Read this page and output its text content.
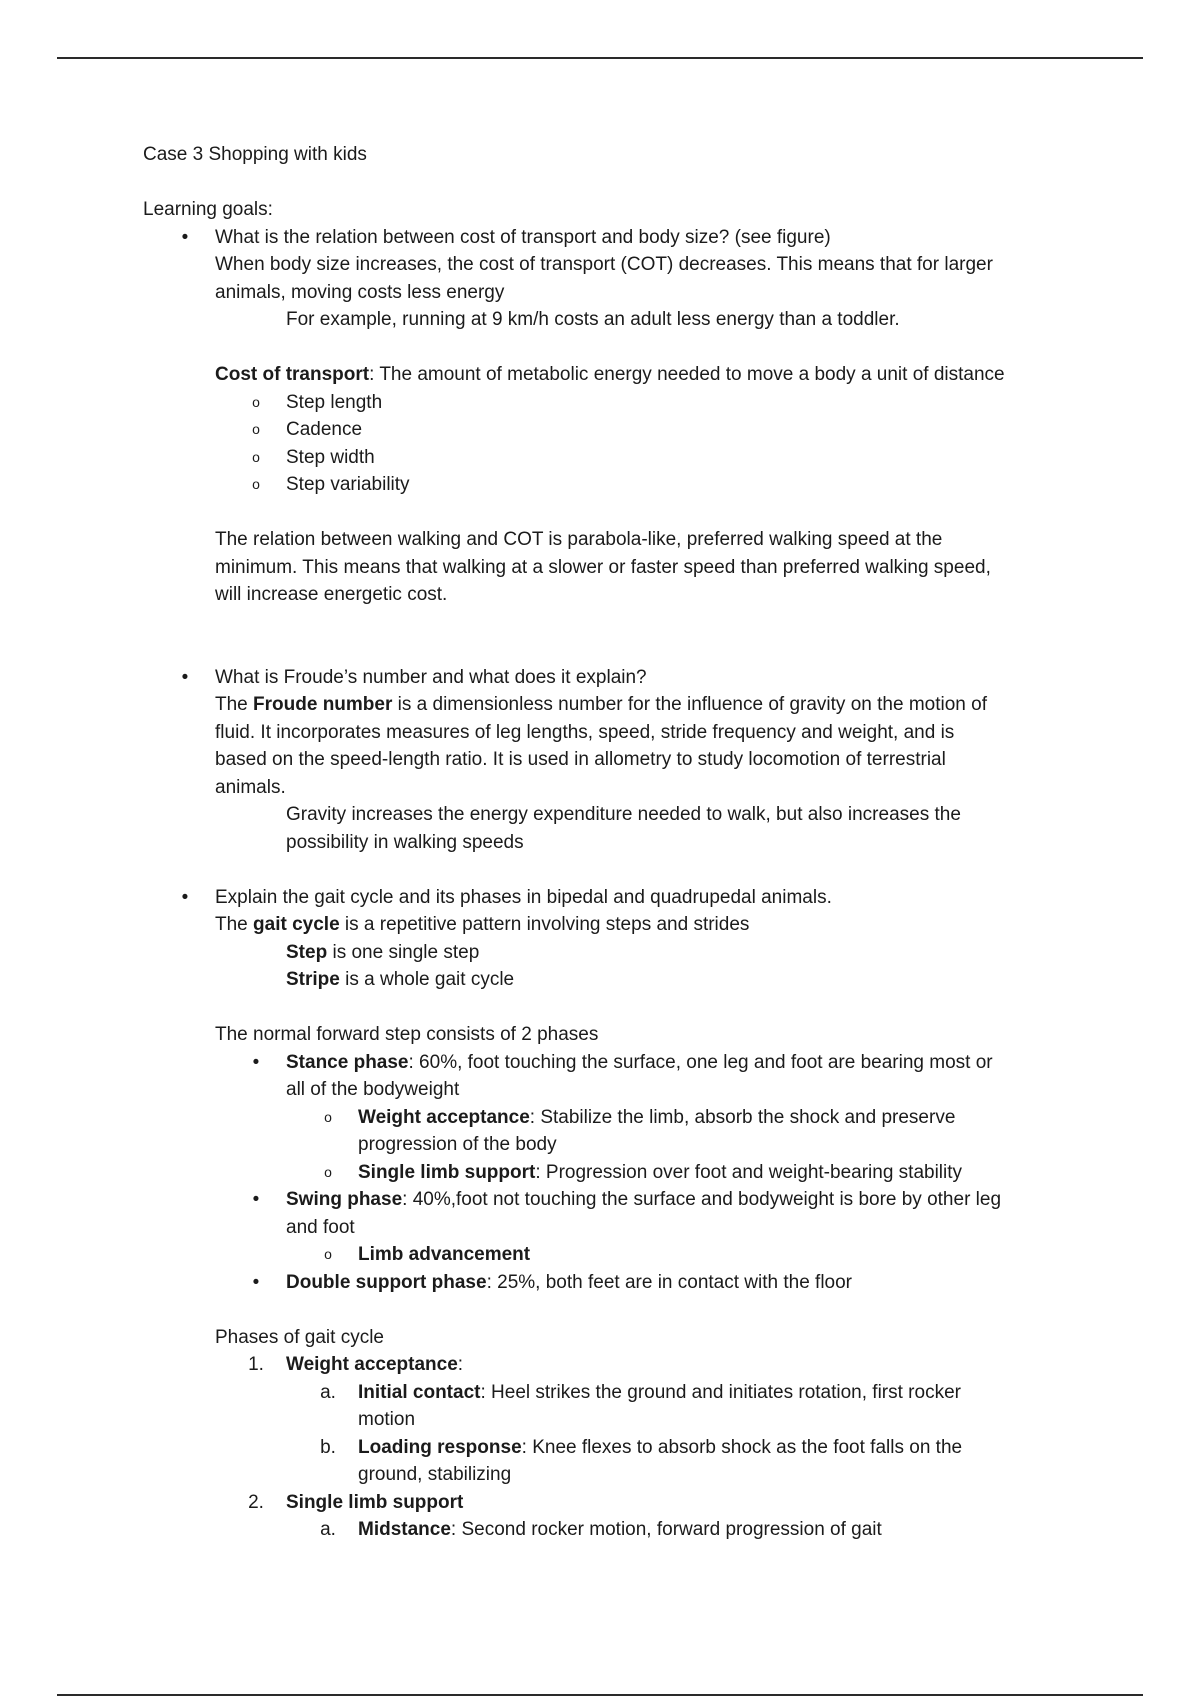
Case 3 Shopping with kids
Learning goals:
•	What is the relation between cost of transport and body size? (see figure)
When body size increases, the cost of transport (COT) decreases. This means that for larger
animals, moving costs less energy
For example, running at 9 km/h costs an adult less energy than a toddler.
Cost of transport: The amount of metabolic energy needed to move a body a unit of distance
o	Step length
o	Cadence
o	Step width
o	Step variability
The relation between walking and COT is parabola-like, preferred walking speed at the
minimum. This means that walking at a slower or faster speed than preferred walking speed,
will increase energetic cost.
•	What is Froude’s number and what does it explain?
The Froude number is a dimensionless number for the influence of gravity on the motion of
fluid. It incorporates measures of leg lengths, speed, stride frequency and weight, and is
based on the speed-length ratio. It is used in allometry to study locomotion of terrestrial
animals.
Gravity increases the energy expenditure needed to walk, but also increases the
possibility in walking speeds
•	Explain the gait cycle and its phases in bipedal and quadrupedal animals.
The gait cycle is a repetitive pattern involving steps and strides
Step is one single step
Stripe is a whole gait cycle
The normal forward step consists of 2 phases
•	Stance phase: 60%, foot touching the surface, one leg and foot are bearing most or
all of the bodyweight
o	Weight acceptance: Stabilize the limb, absorb the shock and preserve
progression of the body
o	Single limb support: Progression over foot and weight-bearing stability
•	Swing phase: 40%,foot not touching the surface and bodyweight is bore by other leg
and foot
o	Limb advancement
•	Double support phase: 25%, both feet are in contact with the floor
Phases of gait cycle
1.	Weight acceptance:
a.	Initial contact: Heel strikes the ground and initiates rotation, first rocker
motion
b.	Loading response: Knee flexes to absorb shock as the foot falls on the
ground, stabilizing
2.	Single limb support
a.	Midstance: Second rocker motion, forward progression of gait
